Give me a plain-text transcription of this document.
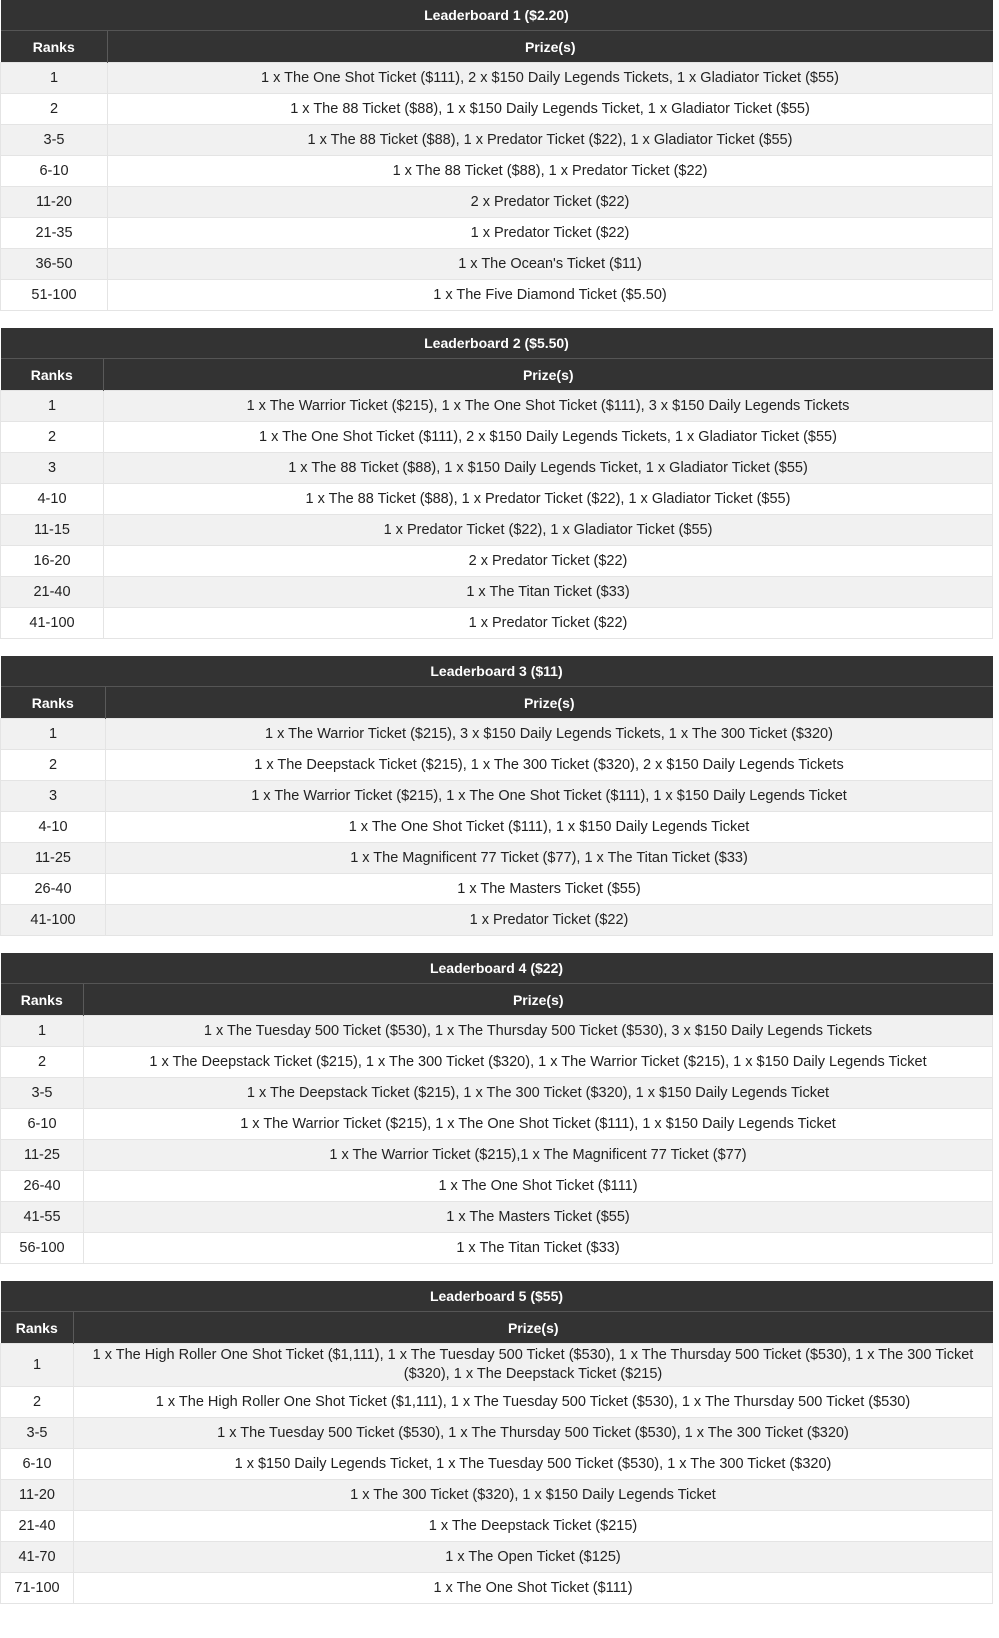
Leaderboard 1 ($2.20)	
Ranks	Prize(s)
1	1 x The One Shot Ticket ($111), 2 x $150 Daily Legends Tickets, 1 x Gladiator Ticket ($55)
2	1 x The 88 Ticket ($88), 1 x $150 Daily Legends Ticket, 1 x Gladiator Ticket ($55)
3-5	1 x The 88 Ticket ($88), 1 x Predator Ticket ($22), 1 x Gladiator Ticket ($55)
6-10	1 x The 88 Ticket ($88), 1 x Predator Ticket ($22)
11-20	2 x Predator Ticket ($22)
21-35	1 x Predator Ticket ($22)
36-50	1 x The Ocean's Ticket ($11)
51-100	1 x The Five Diamond Ticket ($5.50)
Leaderboard 2 ($5.50)	
Ranks	Prize(s)
1	1 x The Warrior Ticket ($215), 1 x The One Shot Ticket ($111), 3 x $150 Daily Legends Tickets
2	1 x The One Shot Ticket ($111), 2 x $150 Daily Legends Tickets, 1 x Gladiator Ticket ($55)
3	1 x The 88 Ticket ($88), 1 x $150 Daily Legends Ticket, 1 x Gladiator Ticket ($55)
4-10	1 x The 88 Ticket ($88), 1 x Predator Ticket ($22), 1 x Gladiator Ticket ($55)
11-15	1 x Predator Ticket ($22), 1 x Gladiator Ticket ($55)
16-20	2 x Predator Ticket ($22)
21-40	1 x The Titan Ticket ($33)
41-100	1 x Predator Ticket ($22)
Leaderboard 3 ($11)	
Ranks	Prize(s)
1	1 x The Warrior Ticket ($215), 3 x $150 Daily Legends Tickets, 1 x The 300 Ticket ($320)
2	1 x The Deepstack Ticket ($215), 1 x The 300 Ticket ($320), 2 x $150 Daily Legends Tickets
3	1 x The Warrior Ticket ($215), 1 x The One Shot Ticket ($111), 1 x $150 Daily Legends Ticket
4-10	1 x The One Shot Ticket ($111), 1 x $150 Daily Legends Ticket
11-25	1 x The Magnificent 77 Ticket ($77), 1 x The Titan Ticket ($33)
26-40	1 x The Masters Ticket ($55)
41-100	1 x Predator Ticket ($22)
Leaderboard 4 ($22)	
Ranks	Prize(s)
1	1 x The Tuesday 500 Ticket ($530), 1 x The Thursday 500 Ticket ($530), 3 x $150 Daily Legends Tickets
2	1 x The Deepstack Ticket ($215), 1 x The 300 Ticket ($320), 1 x The Warrior Ticket ($215), 1 x $150 Daily Legends Ticket
3-5	1 x The Deepstack Ticket ($215), 1 x The 300 Ticket ($320), 1 x $150 Daily Legends Ticket
6-10	1 x The Warrior Ticket ($215), 1 x The One Shot Ticket ($111), 1 x $150 Daily Legends Ticket
11-25	1 x The Warrior Ticket ($215),1 x The Magnificent 77 Ticket ($77)
26-40	1 x The One Shot Ticket ($111)
41-55	1 x The Masters Ticket ($55)
56-100	1 x The Titan Ticket ($33)
Leaderboard 5 ($55)	
Ranks	Prize(s)
1	1 x The High Roller One Shot Ticket ($1,111), 1 x The Tuesday 500 Ticket ($530), 1 x The Thursday 500 Ticket ($530), 1 x The 300 Ticket ($320), 1 x The Deepstack Ticket ($215)
2	1 x The High Roller One Shot Ticket ($1,111), 1 x The Tuesday 500 Ticket ($530), 1 x The Thursday 500 Ticket ($530)
3-5	1 x The Tuesday 500 Ticket ($530), 1 x The Thursday 500 Ticket ($530), 1 x The 300 Ticket ($320)
6-10	1 x $150 Daily Legends Ticket, 1 x The Tuesday 500 Ticket ($530), 1 x The 300 Ticket ($320)
11-20	1 x The 300 Ticket ($320), 1 x $150 Daily Legends Ticket
21-40	1 x The Deepstack Ticket ($215)
41-70	1 x The Open Ticket ($125)
71-100	1 x The One Shot Ticket ($111)
